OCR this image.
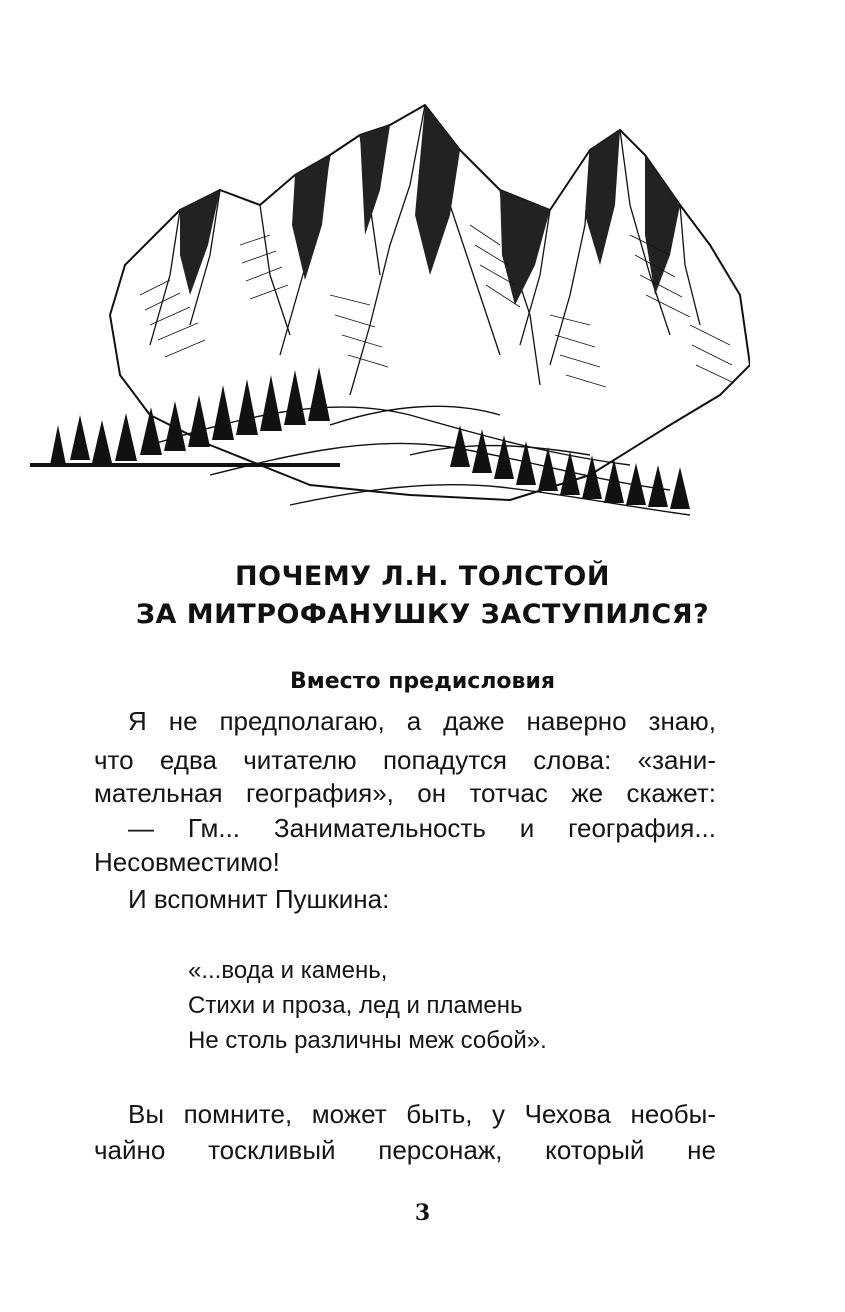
ПОЧЕМУ Л.Н. ТОЛСТОЙ
ЗА МИТРОФАНУШКУ ЗАСТУПИЛСЯ?
Вместо предисловия
Я не предполагаю, а даже наверно знаю,
что едва читателю попадутся слова: «зани-
мательная география», он тотчас же скажет:
— Гм... Занимательность и география...
Несовместимо!
И вспомнит Пушкина:
«...вода и камень,
Стихи и проза, лед и пламень
Не столь различны меж собой».
Вы помните, может быть, у Чехова необы-
чайно тоскливый персонаж, который не
3
